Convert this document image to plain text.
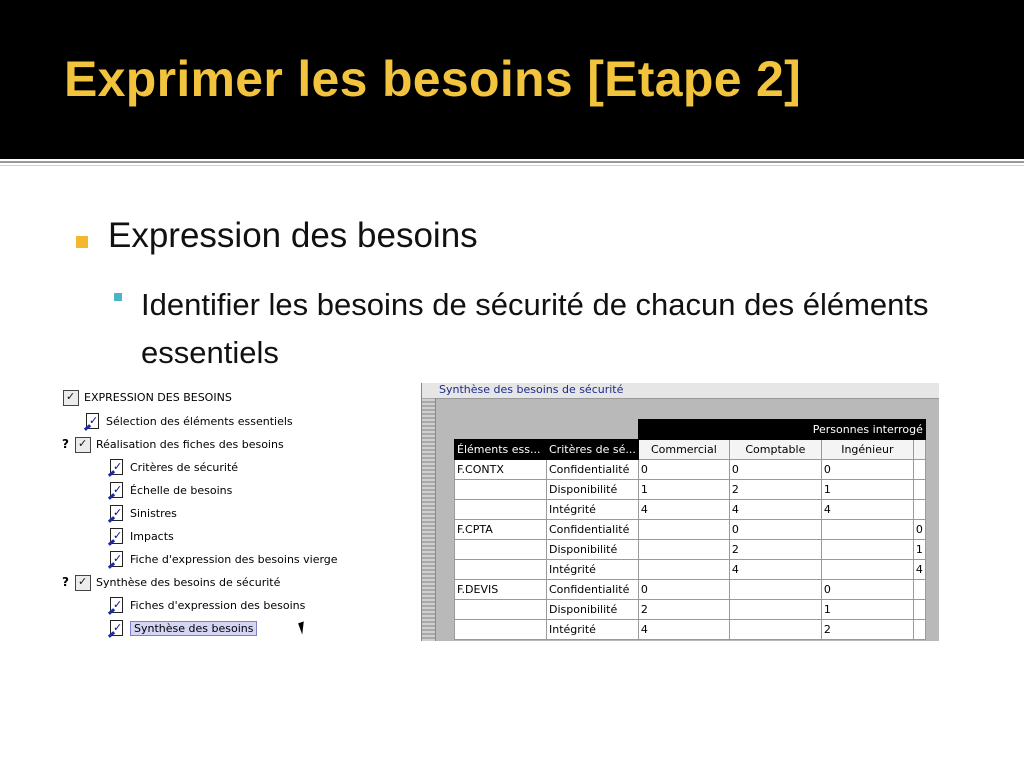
Exprimer les besoins [Etape 2]
Expression des besoins
Identifier les besoins de sécurité de chacun des éléments essentiels
✓
EXPRESSION DES BESOINS
✓
Sélection des éléments essentiels
? ✓ Réalisation des fiches des besoins
✓
Critères de sécurité
✓
Échelle de besoins
✓
Sinistres
✓
Impacts
✓
Fiche d'expression des besoins vierge
? ✓ Synthèse des besoins de sécurité
✓
Fiches d'expression des besoins
✓
Synthèse des besoins
Synthèse des besoins de sécurité
		Personnes interrogé			
Éléments ess...	Critères de sé...	Commercial	Comptable	Ingénieur	
F.CONTX	Confidentialité	0	0	0	
	Disponibilité	1	2	1	
	Intégrité	4	4	4	
F.CPTA	Confidentialité		0		0
	Disponibilité		2		1
	Intégrité		4		4
F.DEVIS	Confidentialité	0		0	
	Disponibilité	2		1	
	Intégrité	4		2	
